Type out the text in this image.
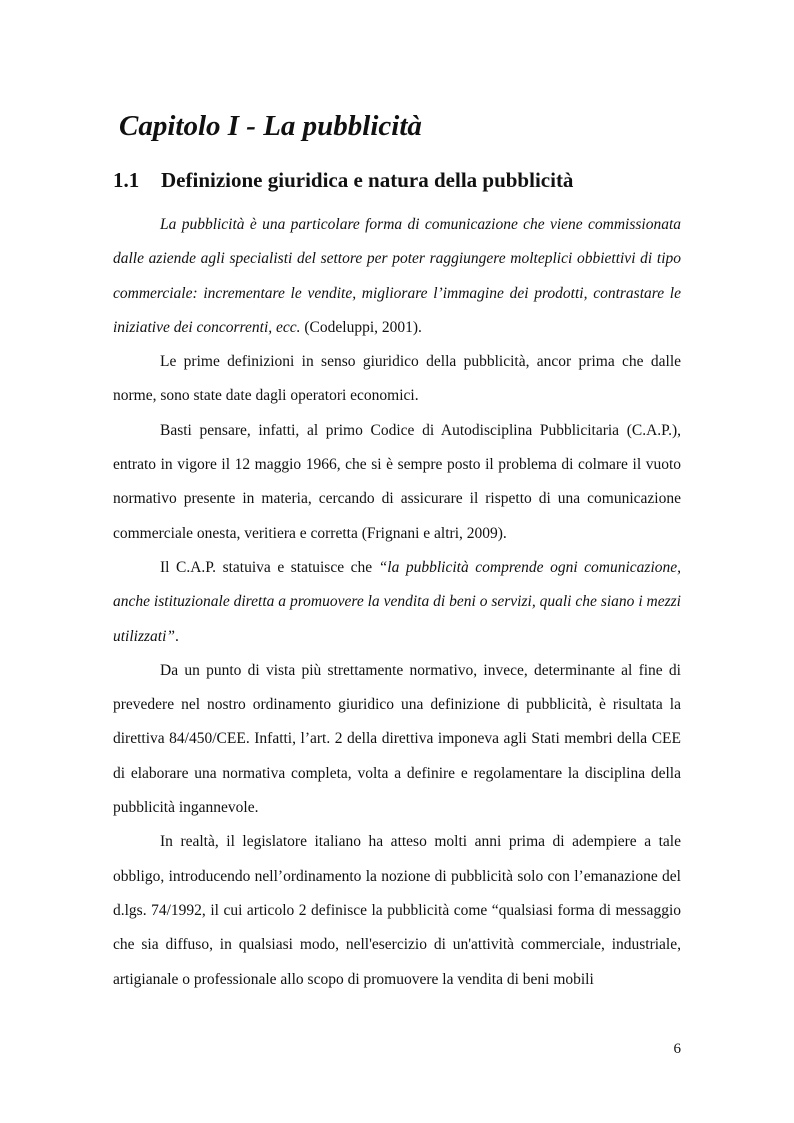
Capitolo I - La pubblicità
1.1 Definizione giuridica e natura della pubblicità

La pubblicità è una particolare forma di comunicazione che viene commissionata dalle aziende agli specialisti del settore per poter raggiungere molteplici obbiettivi di tipo commerciale: incrementare le vendite, migliorare l’immagine dei prodotti, contrastare le iniziative dei concorrenti, ecc. (Codeluppi, 2001).

Le prime definizioni in senso giuridico della pubblicità, ancor prima che dalle norme, sono state date dagli operatori economici.

Basti pensare, infatti, al primo Codice di Autodisciplina Pubblicitaria (C.A.P.), entrato in vigore il 12 maggio 1966, che si è sempre posto il problema di colmare il vuoto normativo presente in materia, cercando di assicurare il rispetto di una comunicazione commerciale onesta, veritiera e corretta (Frignani e altri, 2009).

Il C.A.P. statuiva e statuisce che “la pubblicità comprende ogni comunicazione, anche istituzionale diretta a promuovere la vendita di beni o servizi, quali che siano i mezzi utilizzati”.

Da un punto di vista più strettamente normativo, invece, determinante al fine di prevedere nel nostro ordinamento giuridico una definizione di pubblicità, è risultata la direttiva 84/450/CEE. Infatti, l’art. 2 della direttiva imponeva agli Stati membri della CEE di elaborare una normativa completa, volta a definire e regolamentare la disciplina della pubblicità ingannevole.

In realtà, il legislatore italiano ha atteso molti anni prima di adempiere a tale obbligo, introducendo nell’ordinamento la nozione di pubblicità solo con l’emanazione del d.lgs. 74/1992, il cui articolo 2 definisce la pubblicità come “qualsiasi forma di messaggio che sia diffuso, in qualsiasi modo, nell'esercizio di un'attività commerciale, industriale, artigianale o professionale allo scopo di promuovere la vendita di beni mobili

6
